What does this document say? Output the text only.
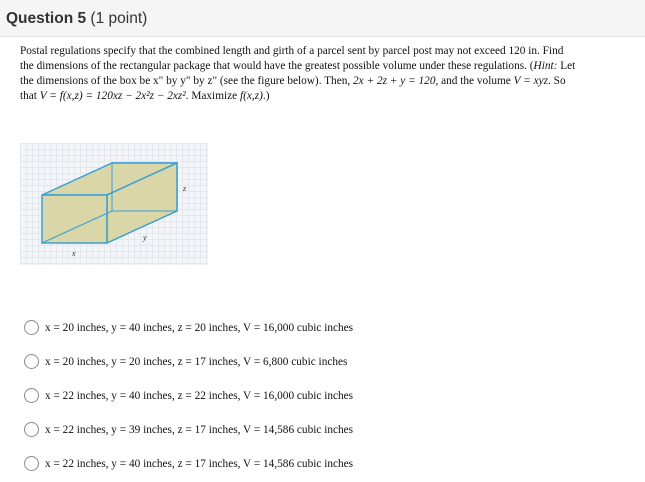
Question 5 (1 point)

Postal regulations specify that the combined length and girth of a parcel sent by parcel post may not exceed 120 in. Find

the dimensions of the rectangular package that would have the greatest possible volume under these regulations. (Hint: Let

the dimensions of the box be x" by y" by z" (see the figure below). Then, 2x + 2z + y = 120, and the volume V = xyz. So

that V = f(x,z) = 120xz − 2x²z − 2xz². Maximize f(x,z).)

x
y
z
x = 20 inches, y = 40 inches, z = 20 inches, V = 16,000 cubic inches
x = 20 inches, y = 20 inches, z = 17 inches, V = 6,800 cubic inches
x = 22 inches, y = 40 inches, z = 22 inches, V = 16,000 cubic inches
x = 22 inches, y = 39 inches, z = 17 inches, V = 14,586 cubic inches
x = 22 inches, y = 40 inches, z = 17 inches, V = 14,586 cubic inches
